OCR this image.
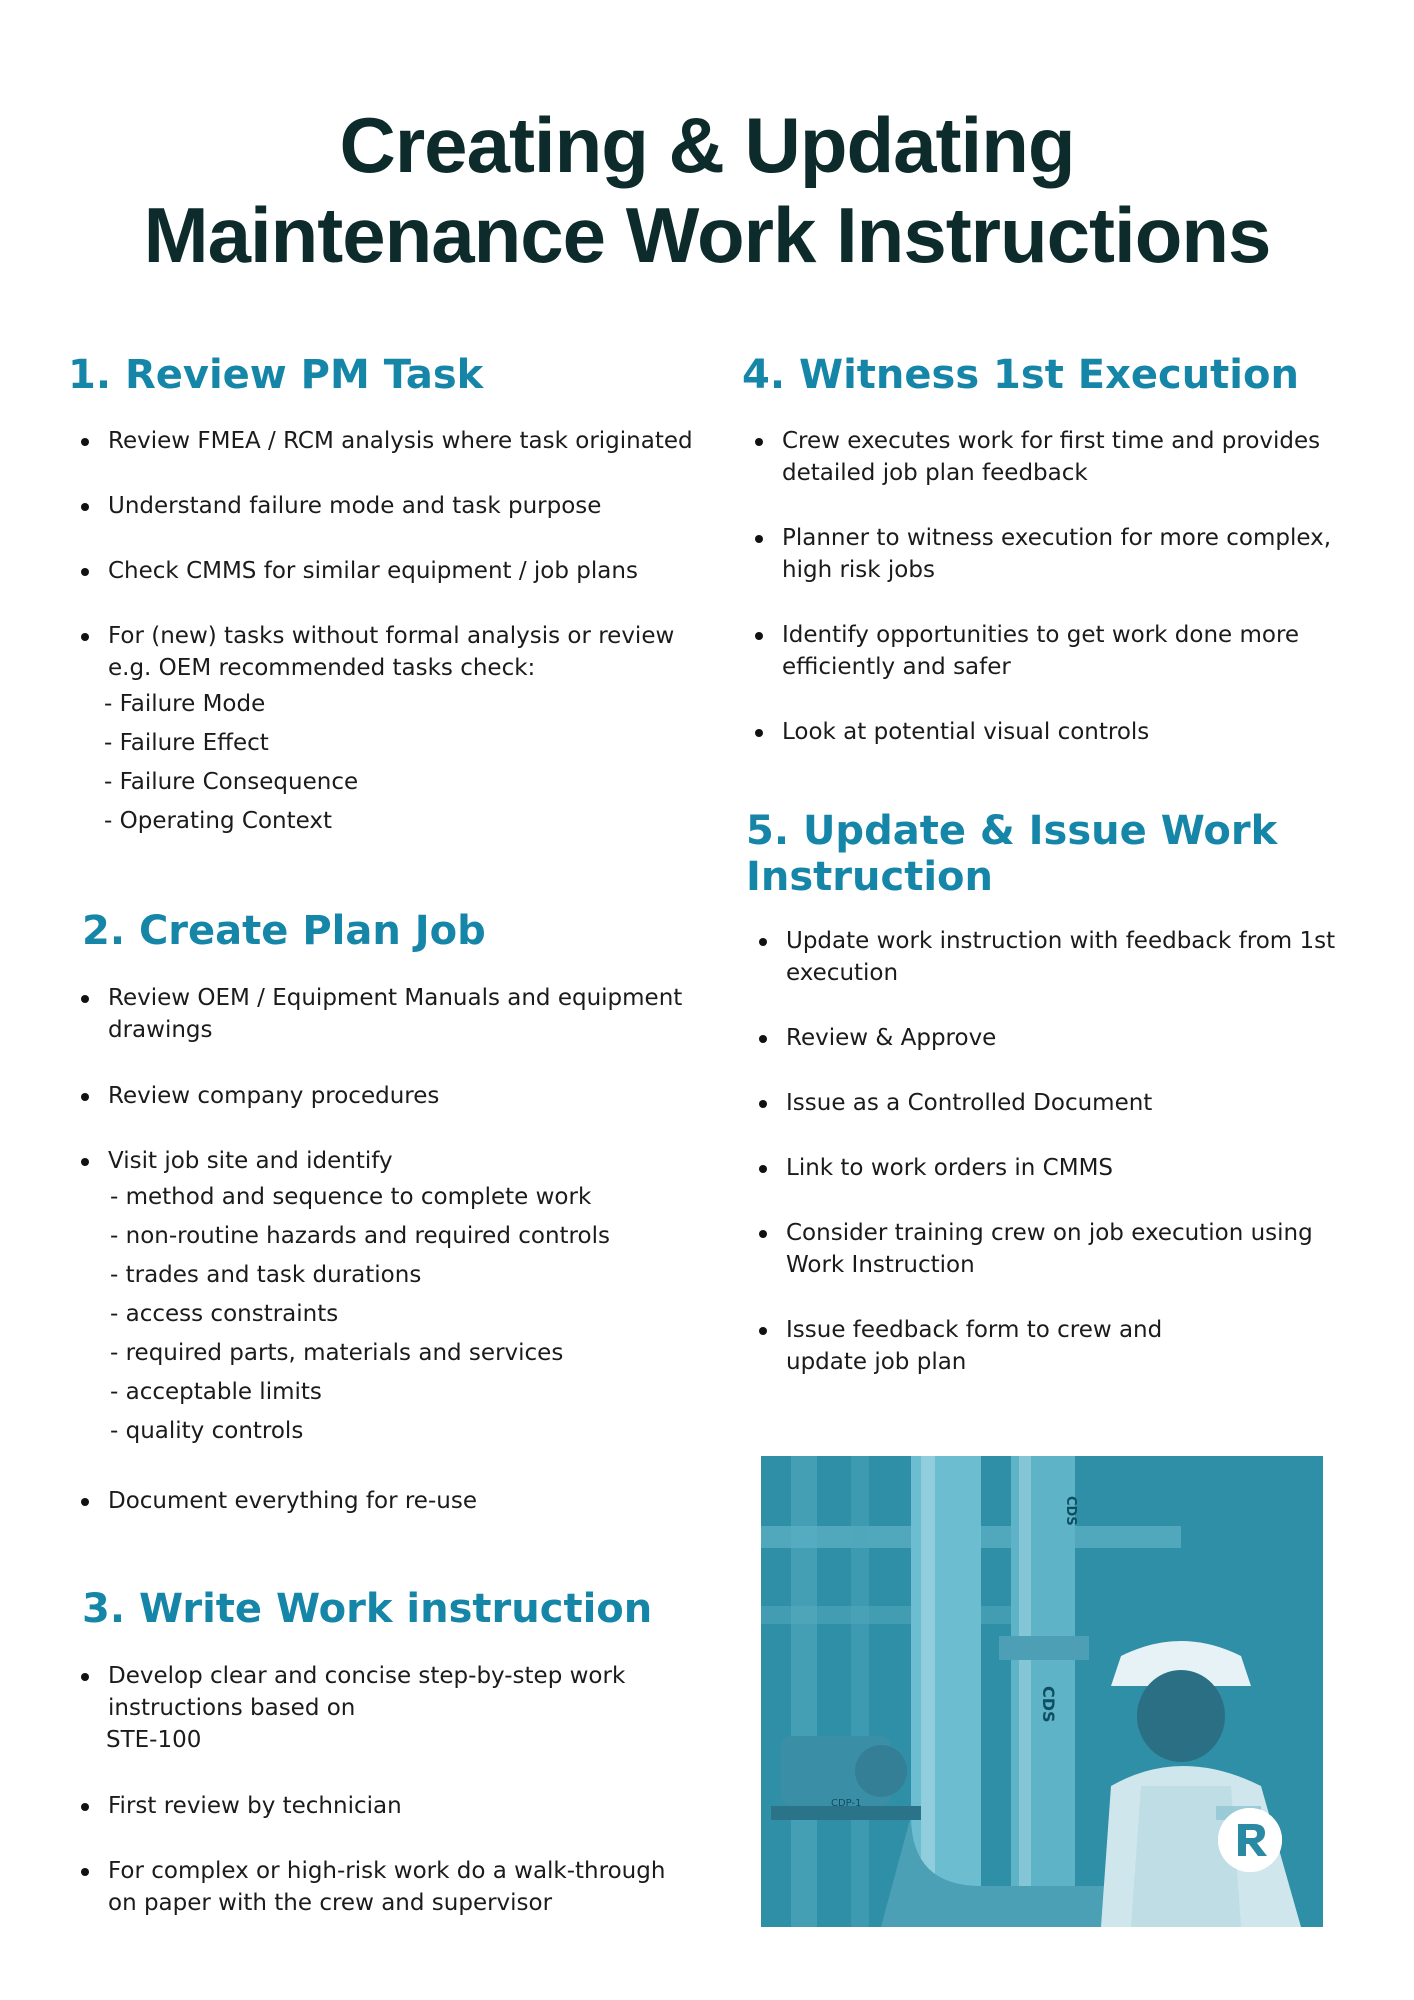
Creating & Updating
Maintenance Work Instructions
1. Review PM Task
Review FMEA / RCM analysis where task originated
Understand failure mode and task purpose
Check CMMS for similar equipment / job plans
For (new) tasks without formal analysis or review e.g. OEM recommended tasks check:
- Failure Mode
- Failure Effect
- Failure Consequence
- Operating Context
2. Create Plan Job
Review OEM / Equipment Manuals and equipment drawings
Review company procedures
Visit job site and identify
- method and sequence to complete work
- non-routine hazards and required controls
- trades and task durations
- access constraints
- required parts, materials and services
- acceptable limits
- quality controls
Document everything for re-use
3. Write Work instruction
Develop clear and concise step-by-step work instructions based on
STE-100
First review by technician
For complex or high-risk work do a walk-through on paper with the crew and supervisor
4. Witness 1st Execution
Crew executes work for first time and provides detailed job plan feedback
Planner to witness execution for more complex, high risk jobs
Identify opportunities to get work done more efficiently and safer
Look at potential visual controls
5. Update & Issue Work
Instruction
Update work instruction with feedback from 1st execution
Review & Approve
Issue as a Controlled Document
Link to work orders in CMMS
Consider training crew on job execution using Work Instruction
Issue feedback form to crew and update job plan
CDS
CDS
CDP-1
